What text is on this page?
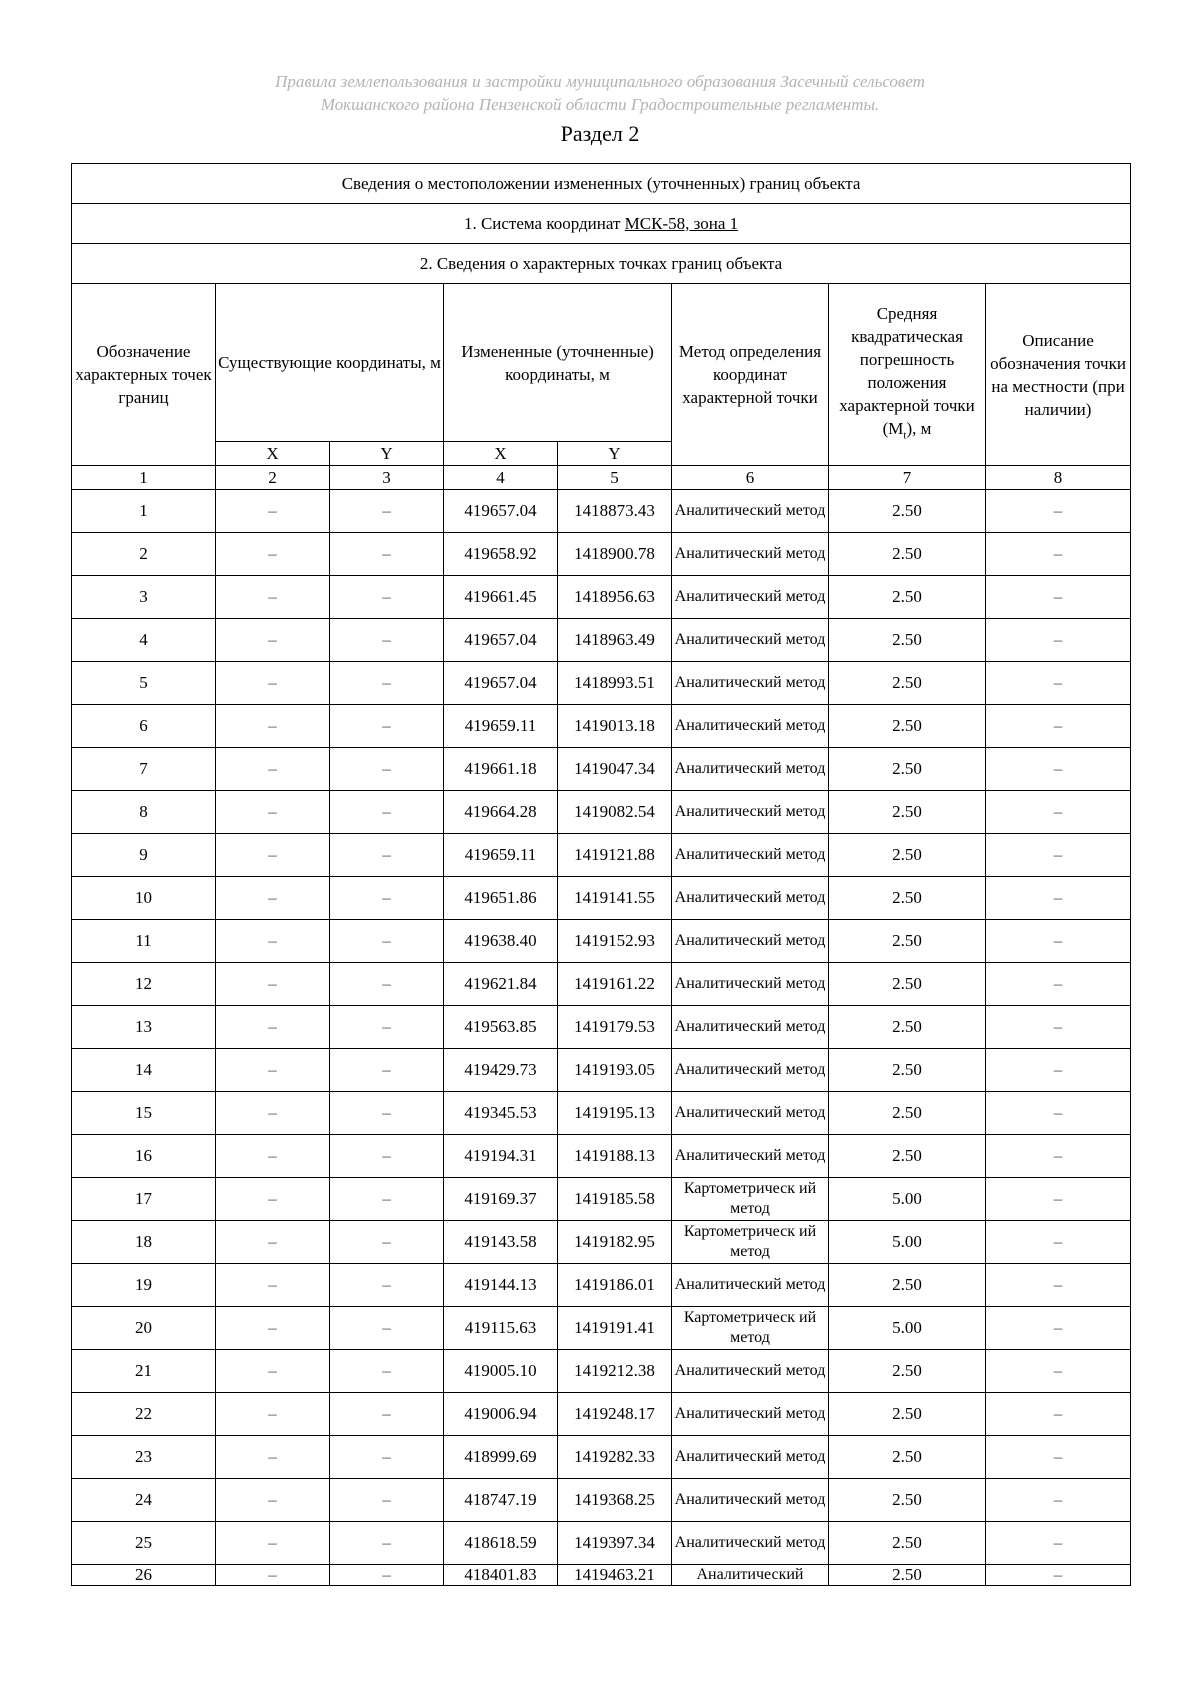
Правила землепользования и застройки муниципального образования Засечный сельсовет
Мокшанского района Пензенской области Градостроительные регламенты.
Раздел 2
Сведения о местоположении измененных (уточненных) границ объекта							
1. Система координат МСК-58, зона 1							
2. Сведения о характерных точках границ объекта							
Обозначение характерных точек границ	Существующие координаты, м		Измененные (уточненные) координаты, м		Метод определения координат характерной точки	Средняя квадратическая погрешность положения характерной точки $(M_t)$, м	Описание обозначения точки на местности (при наличии)
	X	Y	X	Y			
1	2	3	4	5	6	7	8
1	–	–	419657.04	1418873.43	Аналитический метод	2.50	–
2	–	–	419658.92	1418900.78	Аналитический метод	2.50	–
3	–	–	419661.45	1418956.63	Аналитический метод	2.50	–
4	–	–	419657.04	1418963.49	Аналитический метод	2.50	–
5	–	–	419657.04	1418993.51	Аналитический метод	2.50	–
6	–	–	419659.11	1419013.18	Аналитический метод	2.50	–
7	–	–	419661.18	1419047.34	Аналитический метод	2.50	–
8	–	–	419664.28	1419082.54	Аналитический метод	2.50	–
9	–	–	419659.11	1419121.88	Аналитический метод	2.50	–
10	–	–	419651.86	1419141.55	Аналитический метод	2.50	–
11	–	–	419638.40	1419152.93	Аналитический метод	2.50	–
12	–	–	419621.84	1419161.22	Аналитический метод	2.50	–
13	–	–	419563.85	1419179.53	Аналитический метод	2.50	–
14	–	–	419429.73	1419193.05	Аналитический метод	2.50	–
15	–	–	419345.53	1419195.13	Аналитический метод	2.50	–
16	–	–	419194.31	1419188.13	Аналитический метод	2.50	–
17	–	–	419169.37	1419185.58	Картометрическ ий метод	5.00	–
18	–	–	419143.58	1419182.95	Картометрическ ий метод	5.00	–
19	–	–	419144.13	1419186.01	Аналитический метод	2.50	–
20	–	–	419115.63	1419191.41	Картометрическ ий метод	5.00	–
21	–	–	419005.10	1419212.38	Аналитический метод	2.50	–
22	–	–	419006.94	1419248.17	Аналитический метод	2.50	–
23	–	–	418999.69	1419282.33	Аналитический метод	2.50	–
24	–	–	418747.19	1419368.25	Аналитический метод	2.50	–
25	–	–	418618.59	1419397.34	Аналитический метод	2.50	–
26	–	–	418401.83	1419463.21	Аналитический	2.50	–
